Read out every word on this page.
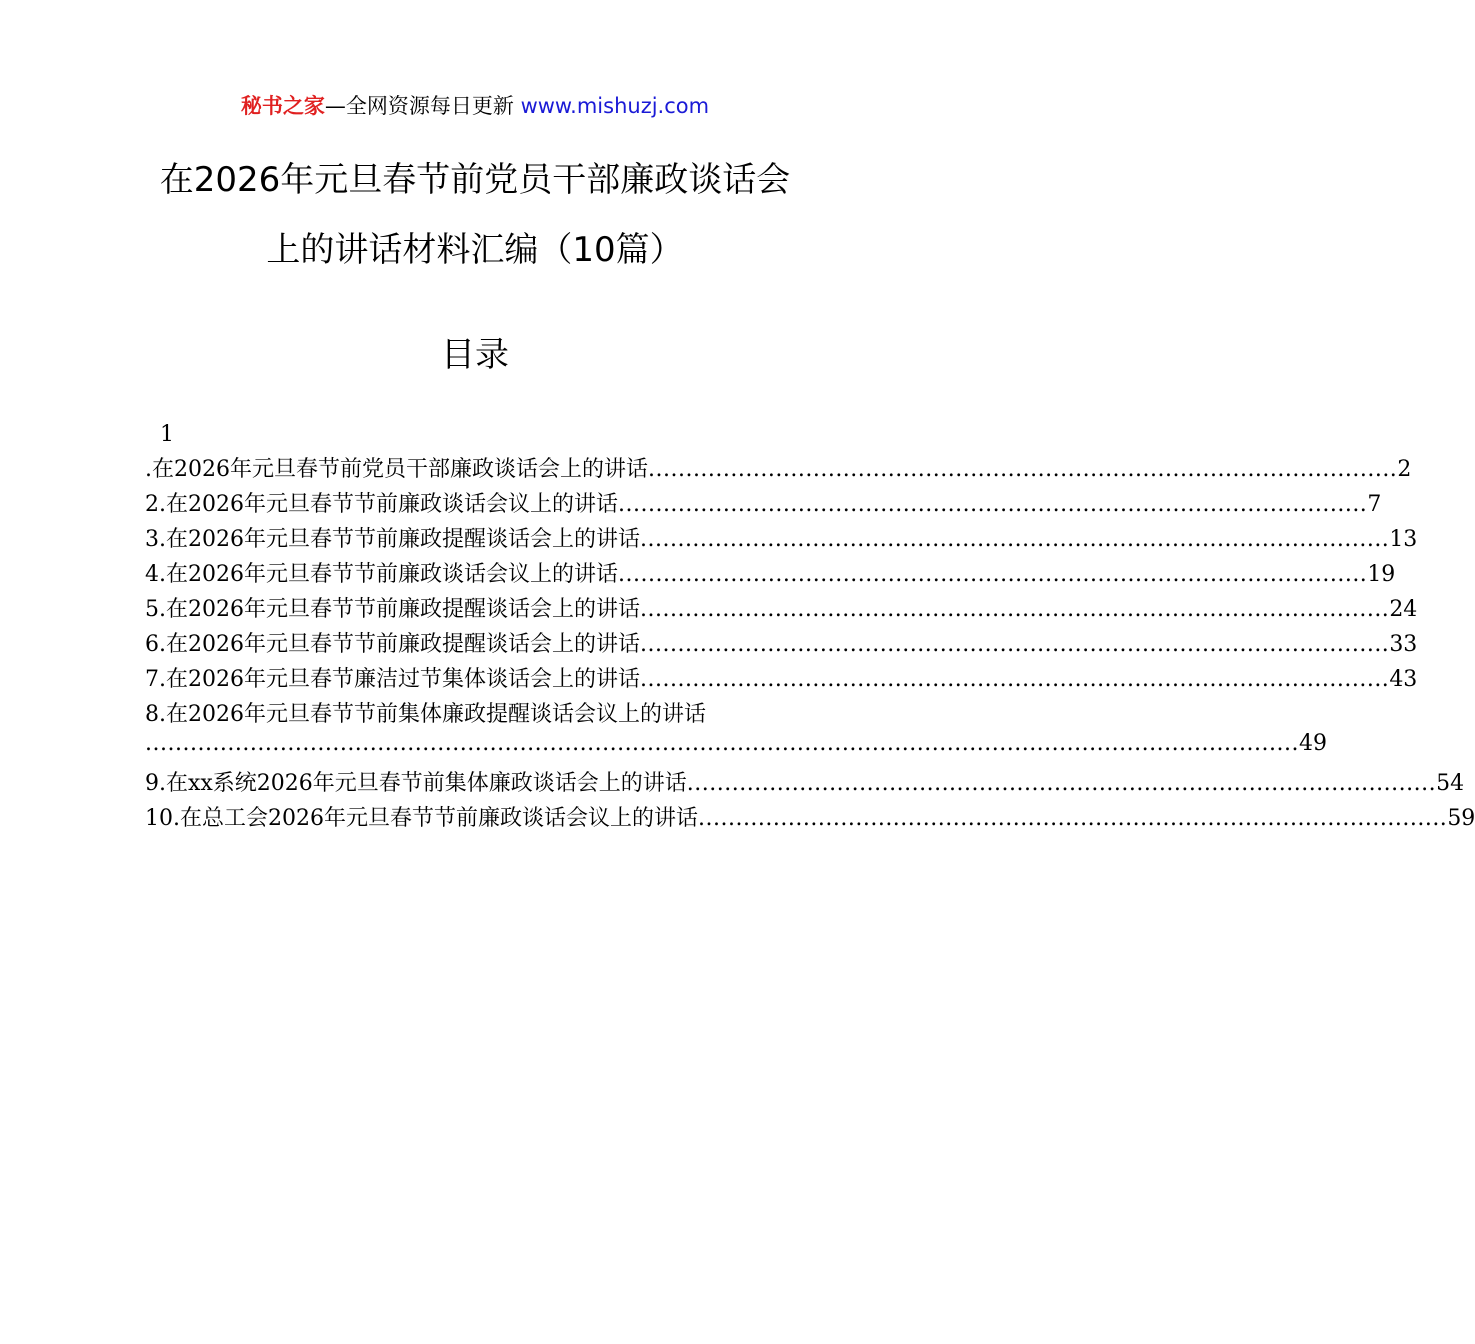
秘书之家—全网资源每日更新 www.mishuzj.com
在2026年元旦春节前党员干部廉政谈话会
上的讲话材料汇编（10篇）
目录
1
.在2026年元旦春节前党员干部廉政谈话会上的讲话 .................................................................................................... 2
2.在2026年元旦春节节前廉政谈话会议上的讲话 .................................................................................................... 7
3.在2026年元旦春节节前廉政提醒谈话会上的讲话 .................................................................................................... 13
4.在2026年元旦春节节前廉政谈话会议上的讲话 .................................................................................................... 19
5.在2026年元旦春节节前廉政提醒谈话会上的讲话 .................................................................................................... 24
6.在2026年元旦春节节前廉政提醒谈话会上的讲话 .................................................................................................... 33
7.在2026年元旦春节廉洁过节集体谈话会上的讲话 .................................................................................................... 43
8.在2026年元旦春节节前集体廉政提醒谈话会议上的讲话
.......................................................................................................................................................... 49
9.在xx系统2026年元旦春节前集体廉政谈话会上的讲话 .................................................................................................... 54
10.在总工会2026年元旦春节节前廉政谈话会议上的讲话 .................................................................................................... 59
